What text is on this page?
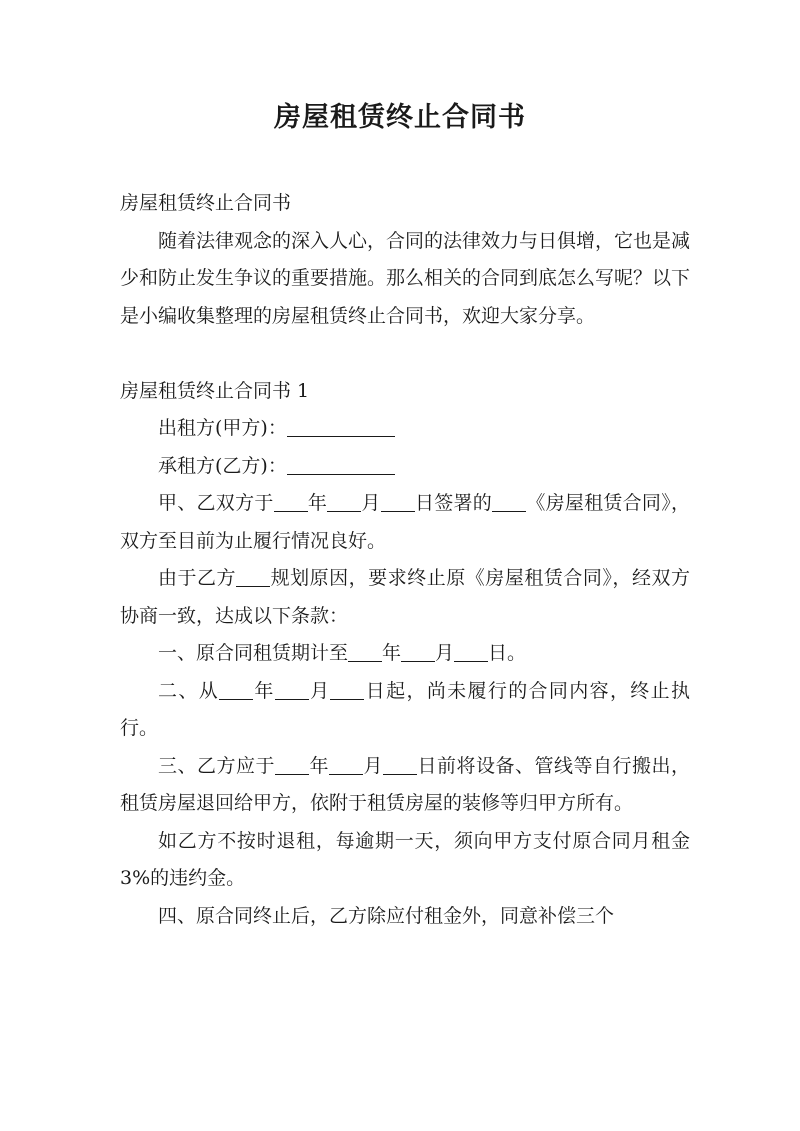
房屋租赁终止合同书

房屋租赁终止合同书

随着法律观念的深入人心，合同的法律效力与日俱增，它也是减少和防止发生争议的重要措施。那么相关的合同到底怎么写呢？以下是小编收集整理的房屋租赁终止合同书，欢迎大家分享。

房屋租赁终止合同书 1

出租方(甲方)：

承租方(乙方)：

甲、乙双方于 年 月 日签署的 《房屋租赁合同》，双方至目前为止履行情况良好。

由于乙方 规划原因，要求终止原《房屋租赁合同》，经双方协商一致，达成以下条款：

一、原合同租赁期计至 年 月 日。

二、从 年 月 日起，尚未履行的合同内容，终止执行。

三、乙方应于 年 月 日前将设备、管线等自行搬出，租赁房屋退回给甲方，依附于租赁房屋的装修等归甲方所有。

如乙方不按时退租，每逾期一天，须向甲方支付原合同月租金 3%的违约金。

四、原合同终止后，乙方除应付租金外，同意补偿三个
